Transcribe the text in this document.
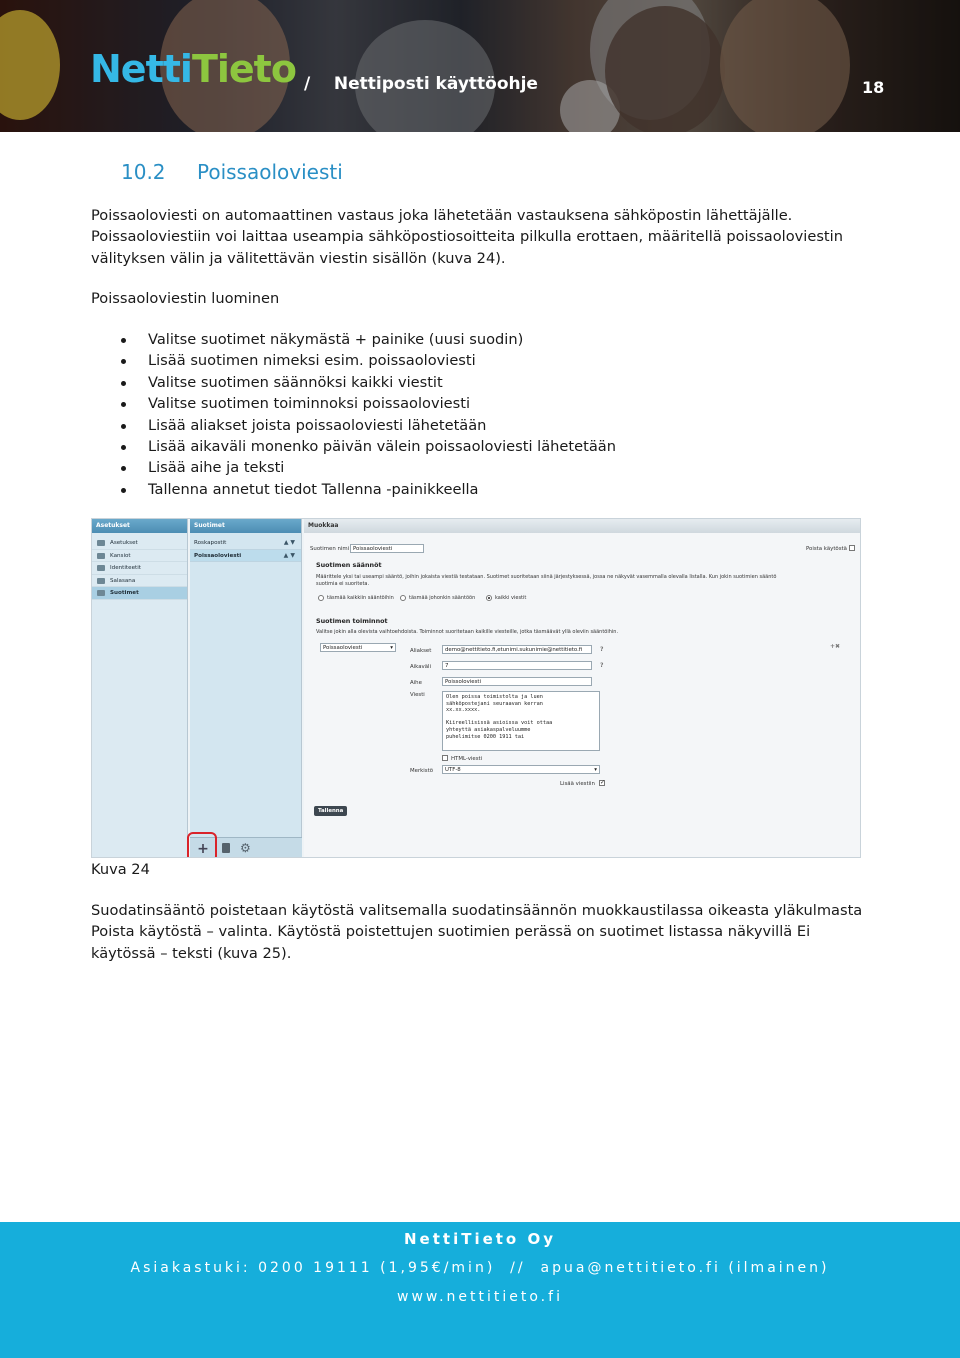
NettiTieto /    Nettiposti käyttöohje	18
10.2 Poissaoloviesti

Poissaoloviesti on automaattinen vastaus joka lähetetään vastauksena sähköpostin lähettäjälle. Poissaoloviestiin voi laittaa useampia sähköpostiosoitteita pilkulla erottaen, määritellä poissaoloviestin välityksen välin ja välitettävän viestin sisällön (kuva 24).

Poissaoloviestin luominen

Valitse suotimet näkymästä + painike (uusi suodin)
Lisää suotimen nimeksi esim. poissaoloviesti
Valitse suotimen säännöksi kaikki viestit
Valitse suotimen toiminnoksi poissaoloviesti
Lisää aliakset joista poissaoloviesti lähetetään
Lisää aikaväli monenko päivän välein poissaoloviesti lähetetään
Lisää aihe ja teksti
Tallenna annetut tiedot Tallenna -painikkeella
Asetukset
Asetukset
Kansiot
Identiteetit
Salasana
Suotimet
Suotimet
Roskapostit	▲ ▼
Poissaoloviesti	▲ ▼
+	⚙
Muokkaa
Suotimen nimi Poissaoloviesti	Poista käytöstä
Suotimen säännöt
Määrittele yksi tai useampi sääntö, joihin jokaista viestiä testataan. Suotimet suoritetaan siinä järjestyksessä, jossa ne näkyvät vasemmalla olevalla listalla. Kun jokin suotimien sääntö
suotimia ei suoriteta.
täsmää kaikkiin sääntöihin	täsmää johonkin sääntöön	kaikki viestit
Suotimen toiminnot
Valitse jokin alla olevista vaihtoehdoista. Toiminnot suoritetaan kaikille viesteille, jotka täsmäävät yllä oleviin sääntöihin.
Poissaoloviesti	▾	+✖
Aliakset	demo@nettitieto.fi,etunimi.sukunimie@nettitieto.fi	?
Aikaväli	7	?
Aihe	Poissoloviesti
Viesti	Olen poissa toimistolta ja luen
sähköpostejani seuraavan kerran
xx.xx.xxxx.

Kiireellisissä asioissa voit ottaa
yhteyttä asiakaspalveluumme
puhelimitse 0200 1911 tai
HTML-viesti
Merkistö	UTF-8	▾
Lisää viestiin
✓
Tallenna
Kuva 24

Suodatinsääntö poistetaan käytöstä valitsemalla suodatinsäännön muokkaustilassa oikeasta yläkulmasta Poista käytöstä – valinta. Käytöstä poistettujen suotimien perässä on suotimet listassa näkyvillä Ei käytössä – teksti (kuva 25).

NettiTieto Oy
Asiakastuki: 0200 19111 (1,95€/min)  //  apua@nettitieto.fi (ilmainen)
www.nettitieto.fi
